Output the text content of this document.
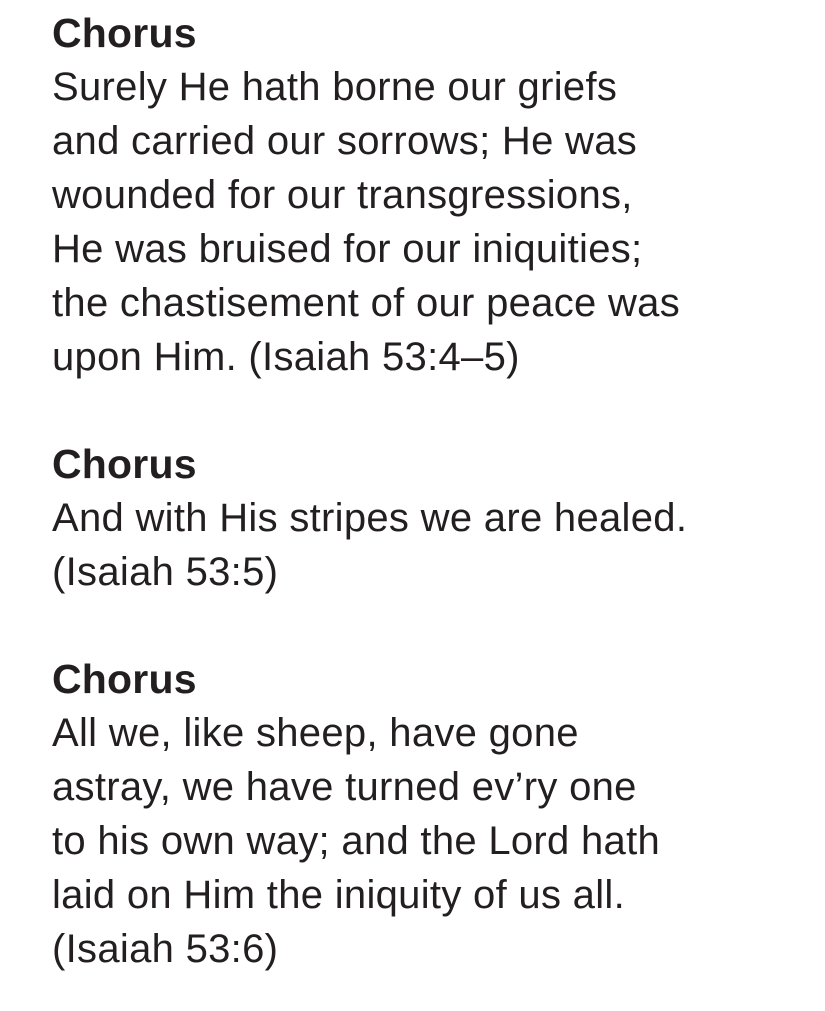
Chorus
Surely He hath borne our griefs
and carried our sorrows; He was
wounded for our transgressions,
He was bruised for our iniquities;
the chastisement of our peace was
upon Him. (Isaiah 53:4–5)
Chorus
And with His stripes we are healed.
(Isaiah 53:5)
Chorus
All we, like sheep, have gone
astray, we have turned ev’ry one
to his own way; and the Lord hath
laid on Him the iniquity of us all.
(Isaiah 53:6)
